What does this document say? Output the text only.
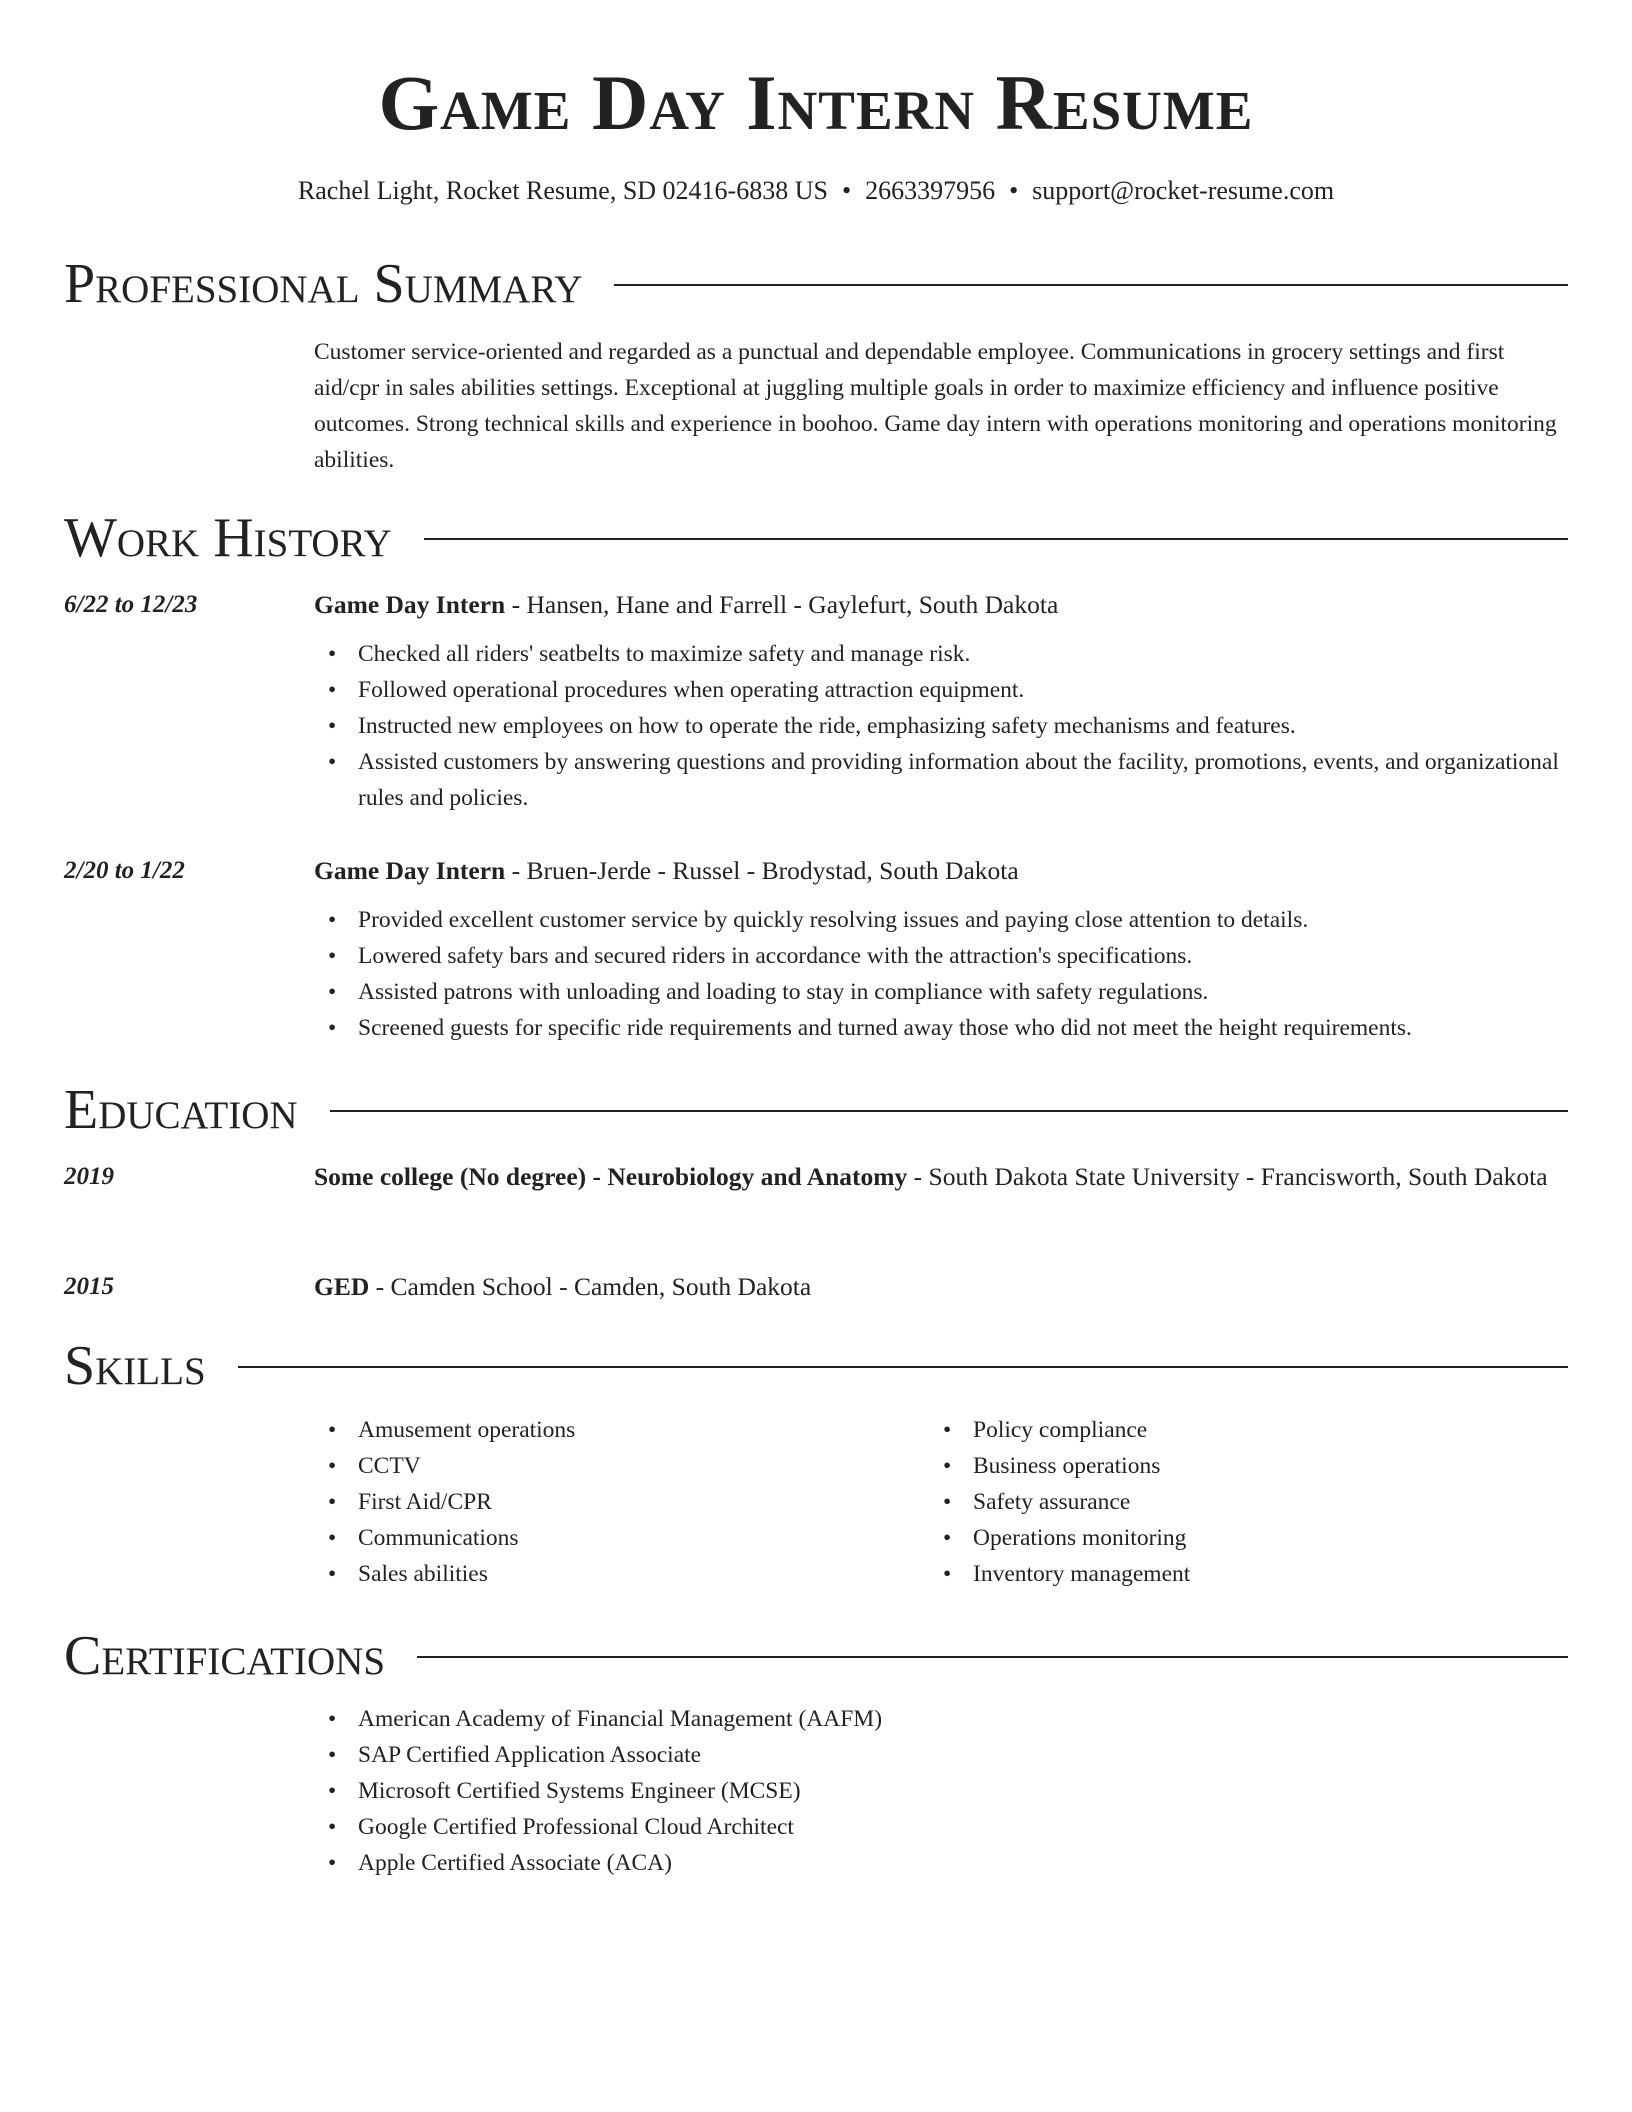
Game Day Intern Resume
Rachel Light, Rocket Resume, SD 02416-6838 US • 2663397956 • support@rocket-resume.com
Professional Summary

Customer service-oriented and regarded as a punctual and dependable employee. Communications in grocery settings and first aid/cpr in sales abilities settings. Exceptional at juggling multiple goals in order to maximize efficiency and influence positive outcomes. Strong technical skills and experience in boohoo. Game day intern with operations monitoring and operations monitoring abilities.

Work History
6/22 to 12/23	Game Day Intern - Hansen, Hane and Farrell - Gaylefurt, South Dakota
• Checked all riders' seatbelts to maximize safety and manage risk.
• Followed operational procedures when operating attraction equipment.
• Instructed new employees on how to operate the ride, emphasizing safety mechanisms and features.
• Assisted customers by answering questions and providing information about the facility, promotions, events, and organizational rules and policies.
2/20 to 1/22	Game Day Intern - Bruen-Jerde - Russel - Brodystad, South Dakota
• Provided excellent customer service by quickly resolving issues and paying close attention to details.
• Lowered safety bars and secured riders in accordance with the attraction's specifications.
• Assisted patrons with unloading and loading to stay in compliance with safety regulations.
• Screened guests for specific ride requirements and turned away those who did not meet the height requirements.
Education
2019	Some college (No degree) - Neurobiology and Anatomy - South Dakota State University - Francisworth, South Dakota
2015	GED - Camden School - Camden, South Dakota
Skills
• Amusement operations
• CCTV
• First Aid/CPR
• Communications
• Sales abilities
• Policy compliance
• Business operations
• Safety assurance
• Operations monitoring
• Inventory management
Certifications
• American Academy of Financial Management (AAFM)
• SAP Certified Application Associate
• Microsoft Certified Systems Engineer (MCSE)
• Google Certified Professional Cloud Architect
• Apple Certified Associate (ACA)
